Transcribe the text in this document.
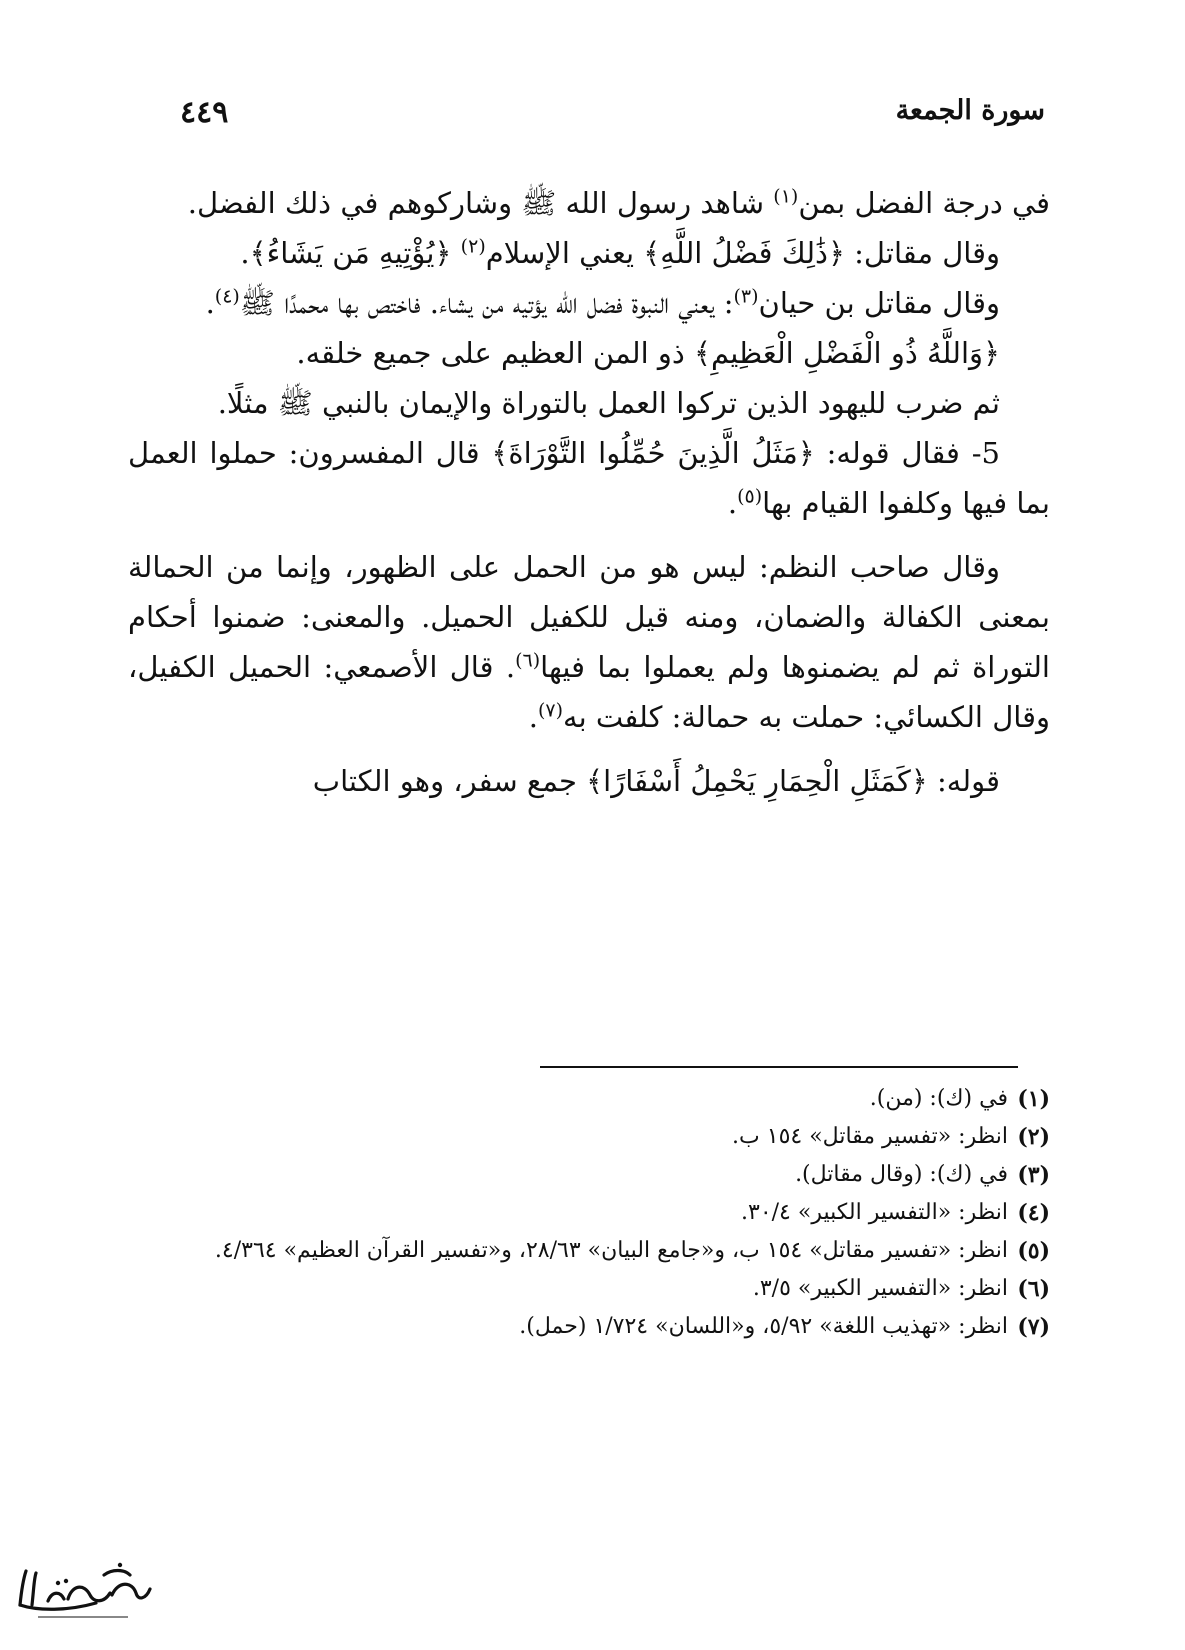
سورة الجمعة
٤٤٩

في درجة الفضل بمن$^{(١)}$ شاهد رسول الله ﷺ وشاركوهم في ذلك الفضل.

وقال مقاتل: ﴿ذَٰلِكَ فَضْلُ اللَّهِ﴾ يعني الإسلام$^{(٢)}$ ﴿يُؤْتِيهِ مَن يَشَاءُ﴾.

وقال مقاتل بن حيان$^{(٣)}$: يعني النبوة فضل الله يؤتيه من يشاء. فاختص بها محمدًا ﷺ$^{(٤)}$.

﴿وَاللَّهُ ذُو الْفَضْلِ الْعَظِيمِ﴾ ذو المن العظيم على جميع خلقه.

ثم ضرب لليهود الذين تركوا العمل بالتوراة والإيمان بالنبي ﷺ مثلًا.

5- فقال قوله: ﴿مَثَلُ الَّذِينَ حُمِّلُوا التَّوْرَاةَ﴾ قال المفسرون: حملوا العمل بما فيها وكلفوا القيام بها$^{(٥)}$.

وقال صاحب النظم: ليس هو من الحمل على الظهور، وإنما من الحمالة بمعنى الكفالة والضمان، ومنه قيل للكفيل الحميل. والمعنى: ضمنوا أحكام التوراة ثم لم يضمنوها ولم يعملوا بما فيها$^{(٦)}$. قال الأصمعي: الحميل الكفيل، وقال الكسائي: حملت به حمالة: كلفت به$^{(٧)}$.

قوله: ﴿كَمَثَلِ الْحِمَارِ يَحْمِلُ أَسْفَارًا﴾ جمع سفر، وهو الكتاب

(١)
في (ك): (من).
(٢)
انظر: «تفسير مقاتل» ١٥٤ ب.
(٣)
في (ك): (وقال مقاتل).
(٤)
انظر: «التفسير الكبير» ٣٠/٤.
(٥)
انظر: «تفسير مقاتل» ١٥٤ ب، و«جامع البيان» ٢٨/٦٣، و«تفسير القرآن العظيم» ٤/٣٦٤.
(٦)
انظر: «التفسير الكبير» ٣/٥.
(٧)
انظر: «تهذيب اللغة» ٥/٩٢، و«اللسان» ١/٧٢٤ (حمل).
